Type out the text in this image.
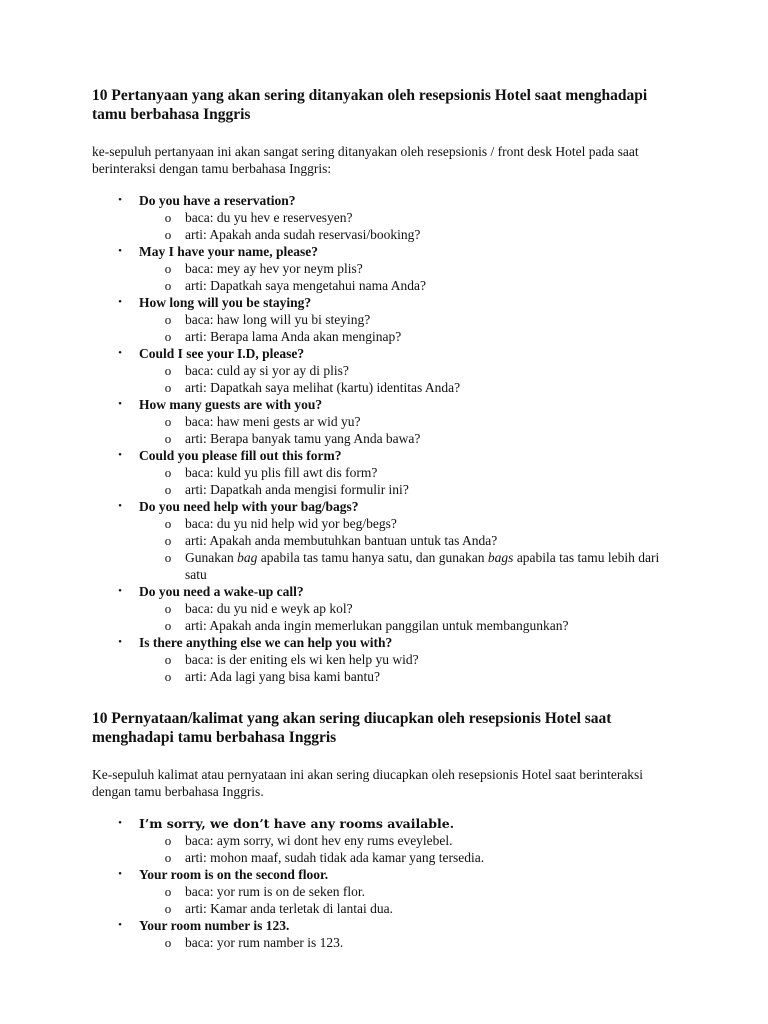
10 Pertanyaan yang akan sering ditanyakan oleh resepsionis Hotel saat menghadapi tamu berbahasa Inggris

ke-sepuluh pertanyaan ini akan sangat sering ditanyakan oleh resepsionis / front desk Hotel pada saat berinteraksi dengan tamu berbahasa Inggris:

• Do you have a reservation?
o baca: du yu hev e reservesyen?
o arti: Apakah anda sudah reservasi/booking?
• May I have your name, please?
o baca: mey ay hev yor neym plis?
o arti: Dapatkah saya mengetahui nama Anda?
• How long will you be staying?
o baca: haw long will yu bi steying?
o arti: Berapa lama Anda akan menginap?
• Could I see your I.D, please?
o baca: culd ay si yor ay di plis?
o arti: Dapatkah saya melihat (kartu) identitas Anda?
• How many guests are with you?
o baca: haw meni gests ar wid yu?
o arti: Berapa banyak tamu yang Anda bawa?
• Could you please fill out this form?
o baca: kuld yu plis fill awt dis form?
o arti: Dapatkah anda mengisi formulir ini?
• Do you need help with your bag/bags?
o baca: du yu nid help wid yor beg/begs?
o arti: Apakah anda membutuhkan bantuan untuk tas Anda?
o Gunakan bag apabila tas tamu hanya satu, dan gunakan bags apabila tas tamu lebih dari satu
• Do you need a wake-up call?
o baca: du yu nid e weyk ap kol?
o arti: Apakah anda ingin memerlukan panggilan untuk membangunkan?
• Is there anything else we can help you with?
o baca: is der eniting els wi ken help yu wid?
o arti: Ada lagi yang bisa kami bantu?
10 Pernyataan/kalimat yang akan sering diucapkan oleh resepsionis Hotel saat menghadapi tamu berbahasa Inggris

Ke-sepuluh kalimat atau pernyataan ini akan sering diucapkan oleh resepsionis Hotel saat berinteraksi dengan tamu berbahasa Inggris.

• I’m sorry, we don’t have any rooms available.
o baca: aym sorry, wi dont hev eny rums eveylebel.
o arti: mohon maaf, sudah tidak ada kamar yang tersedia.
• Your room is on the second floor.
o baca: yor rum is on de seken flor.
o arti: Kamar anda terletak di lantai dua.
• Your room number is 123.
o baca: yor rum namber is 123.
